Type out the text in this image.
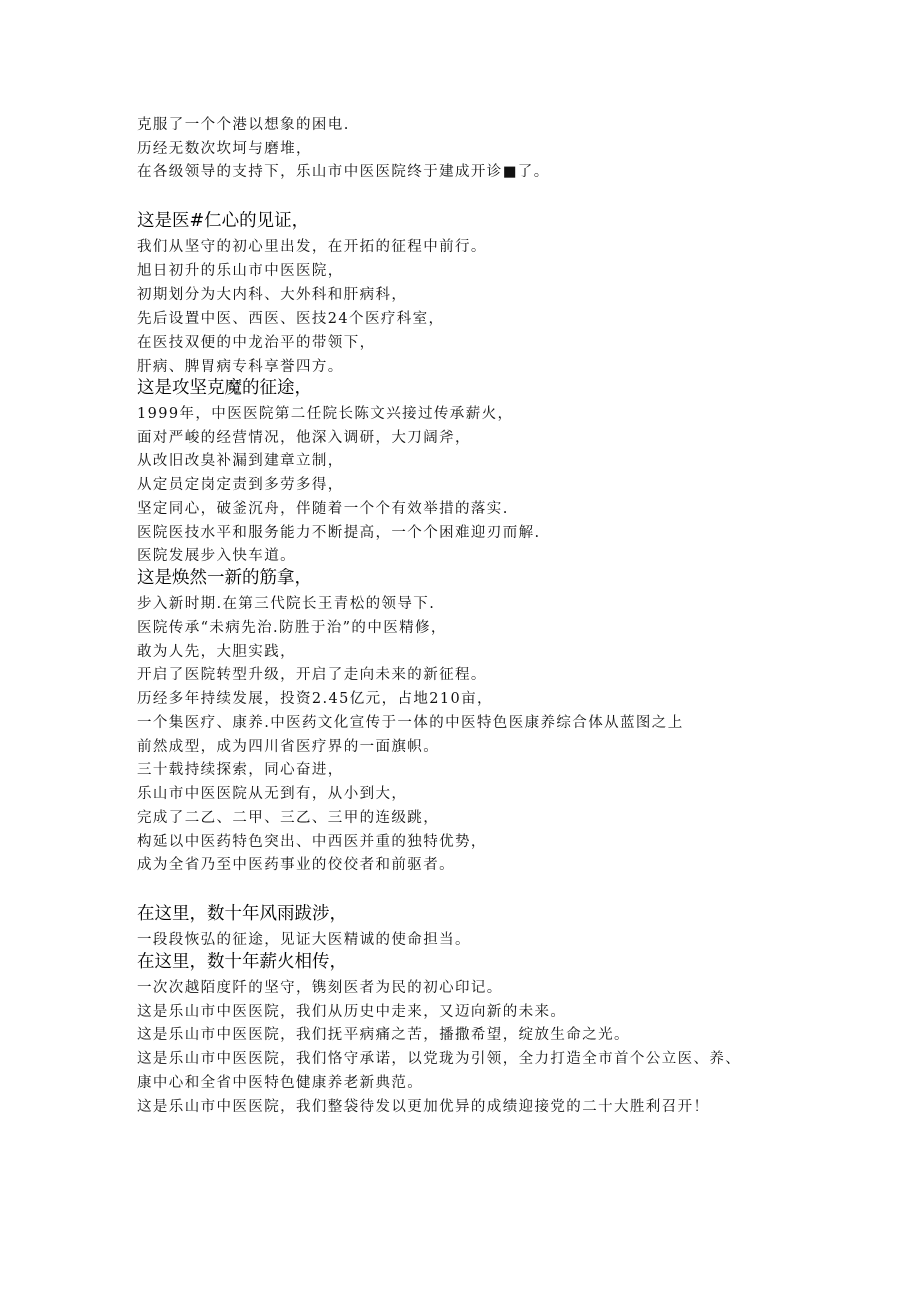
克服了一个个港以想象的困电.
历经无数次坎坷与磨堆，
在各级领导的支持下，乐山市中医医院终于建成开诊■了。
这是医#仁心的见证，
我们从坚守的初心里出发，在开拓的征程中前行。
旭日初升的乐山市中医医院，
初期划分为大内科、大外科和肝病科，
先后设置中医、西医、医技24个医疗科室，
在医技双便的中龙治平的带领下，
肝病、脾胃病专科享誉四方。
这是攻坚克魔的征途，
1999年，中医医院第二任院长陈文兴接过传承薪火，
面对严峻的经营情况，他深入调研，大刀阔斧，
从改旧改臭补漏到建章立制，
从定员定岗定责到多劳多得，
坚定同心，破釜沉舟，伴随着一个个有效举措的落实.
医院医技水平和服务能力不断提高，一个个困难迎刃而解.
医院发展步入快车道。
这是焕然一新的筋拿，
步入新时期.在第三代院长王青松的领导下.
医院传承“未病先治.防胜于治”的中医精修，
敢为人先，大胆实践，
开启了医院转型升级，开启了走向未来的新征程。
历经多年持续发展，投资2.45亿元，占地210亩，
一个集医疗、康养.中医药文化宣传于一体的中医特色医康养综合体从蓝图之上
前然成型，成为四川省医疗界的一面旗帜。
三十载持续探索，同心奋进，
乐山市中医医院从无到有，从小到大，
完成了二乙、二甲、三乙、三甲的连级跳，
构延以中医药特色突出、中西医并重的独特优势，
成为全省乃至中医药事业的佼佼者和前驱者。
在这里，数十年风雨跋涉，
一段段恢弘的征途，见证大医精诚的使命担当。
在这里，数十年薪火相传，
一次次越陌度阡的坚守，镌刻医者为民的初心印记。
这是乐山市中医医院，我们从历史中走来，又迈向新的未来。
这是乐山市中医医院，我们抚平病痛之苦，播撒希望，绽放生命之光。
这是乐山市中医医院，我们恪守承诺，以党珑为引领，全力打造全市首个公立医、养、
康中心和全省中医特色健康养老新典范。
这是乐山市中医医院，我们整袋待发以更加优异的成绩迎接党的二十大胜利召开！
